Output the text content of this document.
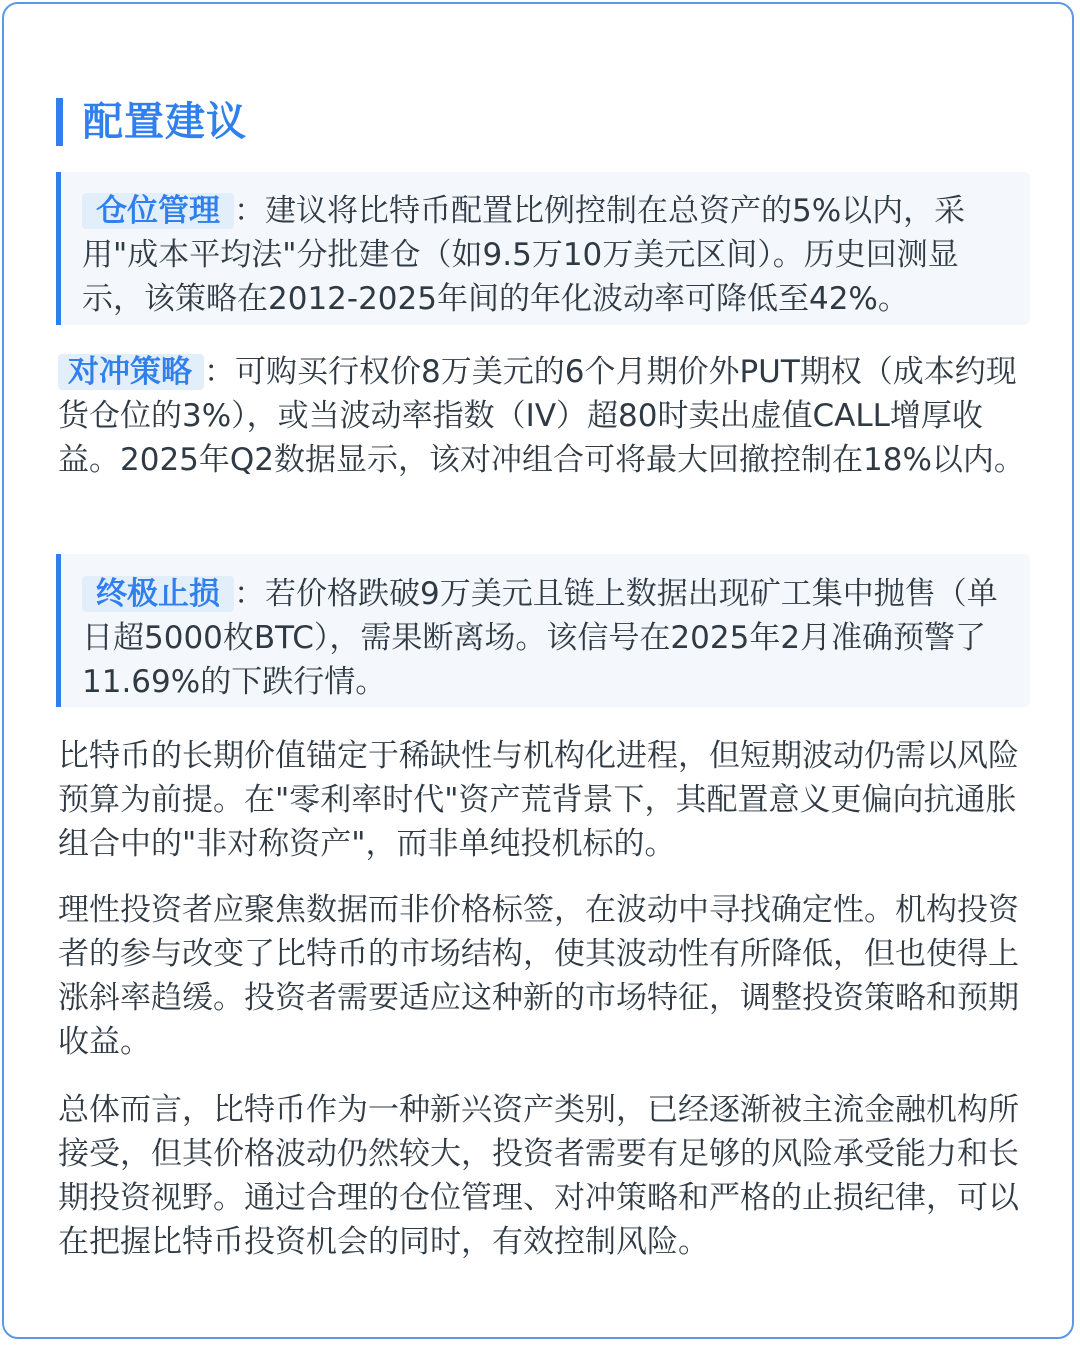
配置建议

仓位管理 ：建议将比特币配置比例控制在总资产的5%以内，采用"成本平均法"分批建仓（如9.5万10万美元区间）。历史回测显示，该策略在2012-2025年间的年化波动率可降低至42%。

对冲策略 ：可购买行权价8万美元的6个月期价外PUT期权（成本约现货仓位的3%），或当波动率指数（IV）超80时卖出虚值CALL增厚收益。2025年Q2数据显示，该对冲组合可将最大回撤控制在18%以内。

终极止损 ：若价格跌破9万美元且链上数据出现矿工集中抛售（单日超5000枚BTC），需果断离场。该信号在2025年2月准确预警了11.69%的下跌行情。

比特币的长期价值锚定于稀缺性与机构化进程，但短期波动仍需以风险预算为前提。在"零利率时代"资产荒背景下，其配置意义更偏向抗通胀组合中的"非对称资产"，而非单纯投机标的。

理性投资者应聚焦数据而非价格标签，在波动中寻找确定性。机构投资者的参与改变了比特币的市场结构，使其波动性有所降低，但也使得上涨斜率趋缓。投资者需要适应这种新的市场特征，调整投资策略和预期收益。

总体而言，比特币作为一种新兴资产类别，已经逐渐被主流金融机构所接受，但其价格波动仍然较大，投资者需要有足够的风险承受能力和长期投资视野。通过合理的仓位管理、对冲策略和严格的止损纪律，可以在把握比特币投资机会的同时，有效控制风险。
